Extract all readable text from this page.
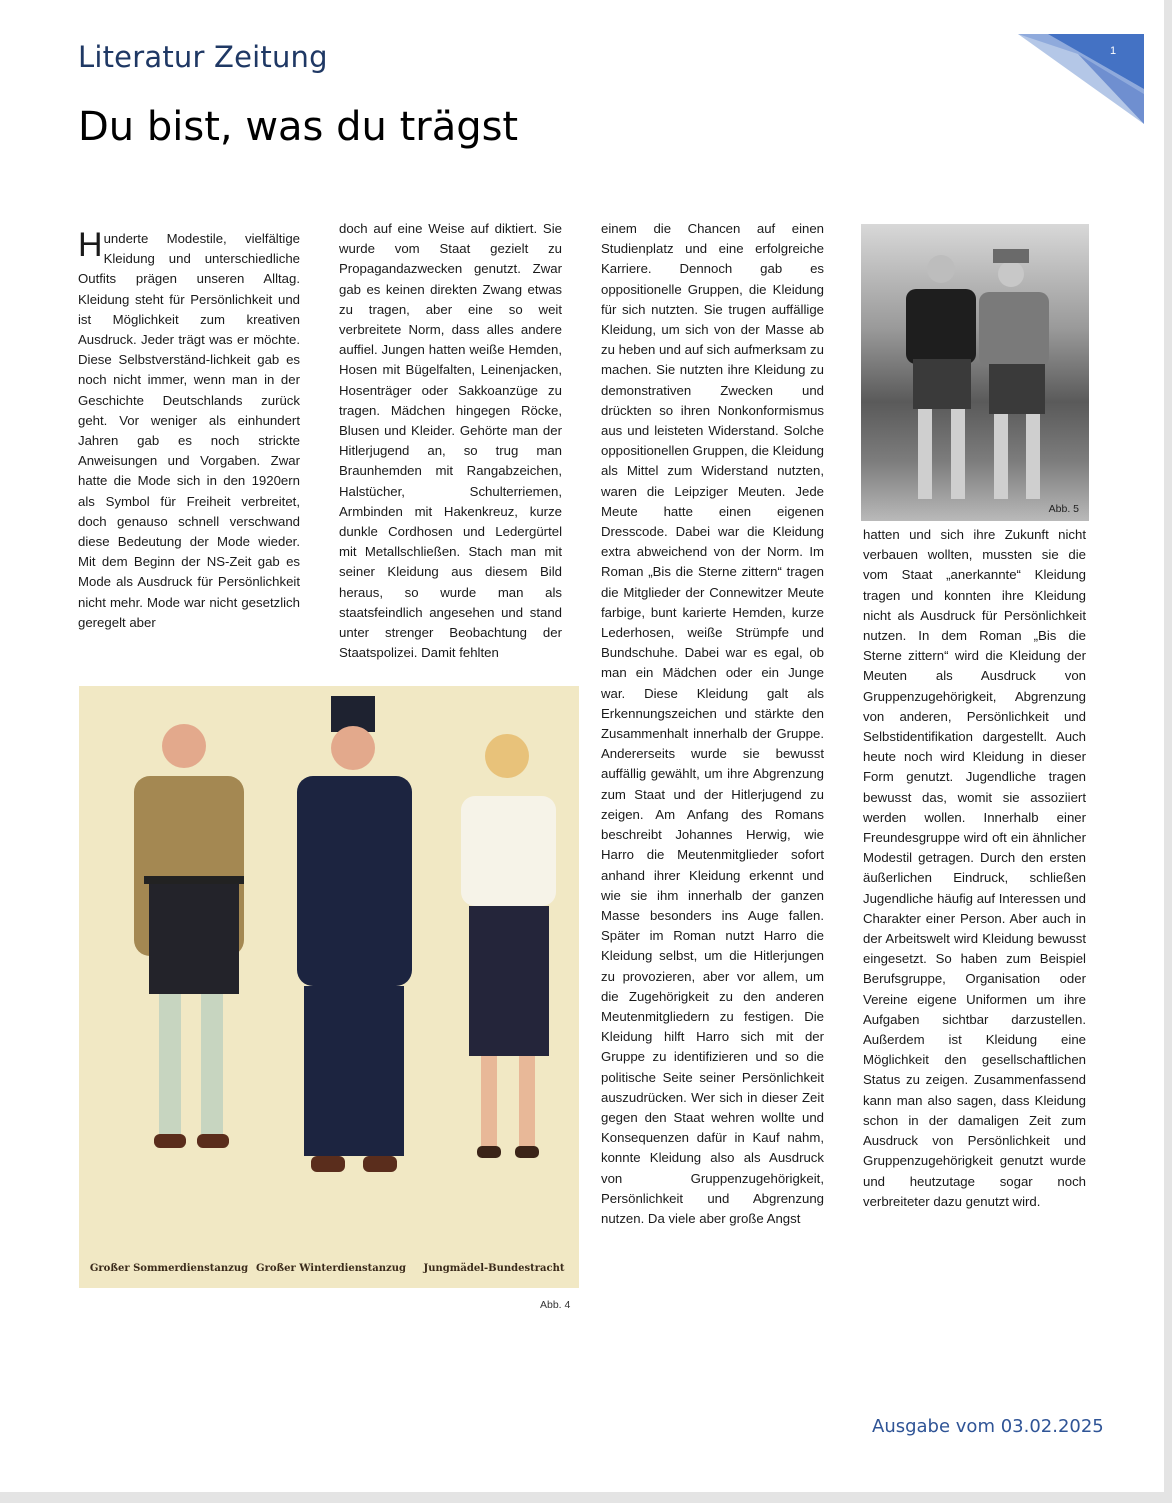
Literatur Zeitung	1
Du bist, was du trägst
H underte Modestile, vielfältige Kleidung und unterschiedliche Outfits prägen unseren Alltag. Kleidung steht für Persönlichkeit und ist Möglichkeit zum kreativen Ausdruck. Jeder trägt was er möchte. Diese Selbstverständ-lichkeit gab es noch nicht immer, wenn man in der Geschichte Deutschlands zurück geht. Vor weniger als einhundert Jahren gab es noch strickte Anweisungen und Vorgaben. Zwar hatte die Mode sich in den 1920ern als Symbol für Freiheit verbreitet, doch genauso schnell verschwand diese Bedeutung der Mode wieder. Mit dem Beginn der NS-Zeit gab es Mode als Ausdruck für Persönlichkeit nicht mehr. Mode war nicht gesetzlich geregelt aber

doch auf eine Weise auf diktiert. Sie wurde vom Staat gezielt zu Propagandazwecken genutzt. Zwar gab es keinen direkten Zwang etwas zu tragen, aber eine so weit verbreitete Norm, dass alles andere auffiel. Jungen hatten weiße Hemden, Hosen mit Bügelfalten, Leinenjacken, Hosenträger oder Sakkoanzüge zu tragen. Mädchen hingegen Röcke, Blusen und Kleider. Gehörte man der Hitlerjugend an, so trug man Braunhemden mit Rangabzeichen, Halstücher, Schulterriemen, Armbinden mit Hakenkreuz, kurze dunkle Cordhosen und Ledergürtel mit Metallschließen. Stach man mit seiner Kleidung aus diesem Bild heraus, so wurde man als staatsfeindlich angesehen und stand unter strenger Beobachtung der Staatspolizei. Damit fehlten

einem die Chancen auf einen Studienplatz und eine erfolgreiche Karriere. Dennoch gab es oppositionelle Gruppen, die Kleidung für sich nutzten. Sie trugen auffällige Kleidung, um sich von der Masse ab zu heben und auf sich aufmerksam zu machen. Sie nutzten ihre Kleidung zu demonstrativen Zwecken und drückten so ihren Nonkonformismus aus und leisteten Widerstand. Solche oppositionellen Gruppen, die Kleidung als Mittel zum Widerstand nutzten, waren die Leipziger Meuten. Jede Meute hatte einen eigenen Dresscode. Dabei war die Kleidung extra abweichend von der Norm. Im Roman „Bis die Sterne zittern“ tragen die Mitglieder der Connewitzer Meute farbige, bunt karierte Hemden, kurze Lederhosen, weiße Strümpfe und Bundschuhe. Dabei war es egal, ob man ein Mädchen oder ein Junge war. Diese Kleidung galt als Erkennungszeichen und stärkte den Zusammenhalt innerhalb der Gruppe. Andererseits wurde sie bewusst auffällig gewählt, um ihre Abgrenzung zum Staat und der Hitlerjugend zu zeigen. Am Anfang des Romans beschreibt Johannes Herwig, wie Harro die Meutenmitglieder sofort anhand ihrer Kleidung erkennt und wie sie ihm innerhalb der ganzen Masse besonders ins Auge fallen. Später im Roman nutzt Harro die Kleidung selbst, um die Hitlerjungen zu provozieren, aber vor allem, um die Zugehörigkeit zu den anderen Meutenmitgliedern zu festigen. Die Kleidung hilft Harro sich mit der Gruppe zu identifizieren und so die politische Seite seiner Persönlichkeit auszudrücken. Wer sich in dieser Zeit gegen den Staat wehren wollte und Konsequenzen dafür in Kauf nahm, konnte Kleidung also als Ausdruck von Gruppenzugehörigkeit, Persönlichkeit und Abgrenzung nutzen. Da viele aber große Angst

hatten und sich ihre Zukunft nicht verbauen wollten, mussten sie die vom Staat „anerkannte“ Kleidung tragen und konnten ihre Kleidung nicht als Ausdruck für Persönlichkeit nutzen. In dem Roman „Bis die Sterne zittern“ wird die Kleidung der Meuten als Ausdruck von Gruppenzugehörigkeit, Abgrenzung von anderen, Persönlichkeit und Selbstidentifikation dargestellt. Auch heute noch wird Kleidung in dieser Form genutzt. Jugendliche tragen bewusst das, womit sie assoziiert werden wollen. Innerhalb einer Freundesgruppe wird oft ein ähnlicher Modestil getragen. Durch den ersten äußerlichen Eindruck, schließen Jugendliche häufig auf Interessen und Charakter einer Person. Aber auch in der Arbeitswelt wird Kleidung bewusst eingesetzt. So haben zum Beispiel Berufsgruppe, Organisation oder Vereine eigene Uniformen um ihre Aufgaben sichtbar darzustellen. Außerdem ist Kleidung eine Möglichkeit den gesellschaftlichen Status zu zeigen. Zusammenfassend kann man also sagen, dass Kleidung schon in der damaligen Zeit zum Ausdruck von Persönlichkeit und Gruppenzugehörigkeit genutzt wurde und heutzutage sogar noch verbreiteter dazu genutzt wird.

Großer Sommerdienstanzug Großer Winterdienstanzug	Jungmädel-Bundestracht
Abb. 4
Abb. 5
Ausgabe vom 03.02.2025
